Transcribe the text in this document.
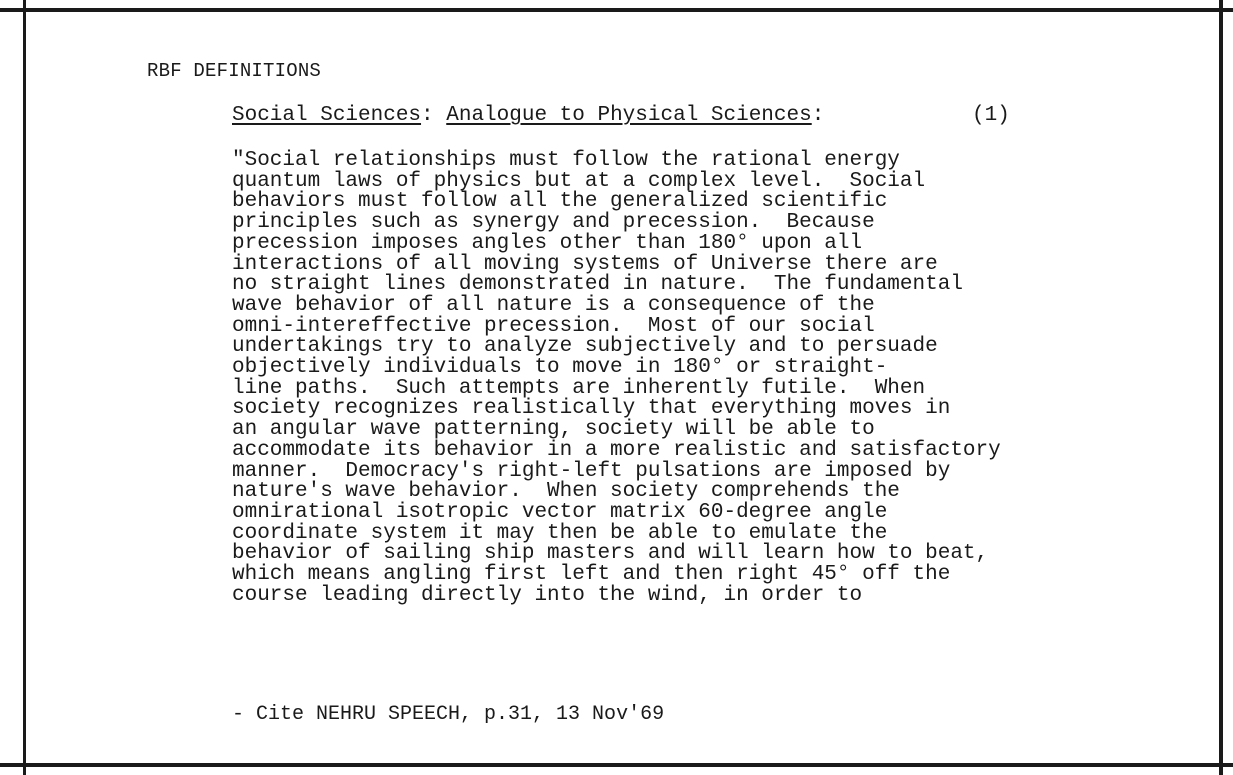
RBF DEFINITIONS
Social Sciences: Analogue to Physical Sciences:	(1)
"Social relationships must follow the rational energy
quantum laws of physics but at a complex level.  Social
behaviors must follow all the generalized scientific
principles such as synergy and precession.  Because
precession imposes angles other than 180° upon all
interactions of all moving systems of Universe there are
no straight lines demonstrated in nature.  The fundamental
wave behavior of all nature is a consequence of the
omni-intereffective precession.  Most of our social
undertakings try to analyze subjectively and to persuade
objectively individuals to move in 180° or straight-
line paths.  Such attempts are inherently futile.  When
society recognizes realistically that everything moves in
an angular wave patterning, society will be able to
accommodate its behavior in a more realistic and satisfactory
manner.  Democracy's right-left pulsations are imposed by
nature's wave behavior.  When society comprehends the
omnirational isotropic vector matrix 60-degree angle
coordinate system it may then be able to emulate the
behavior of sailing ship masters and will learn how to beat,
which means angling first left and then right 45° off the
course leading directly into the wind, in order to
- Cite NEHRU SPEECH, p.31, 13 Nov'69
